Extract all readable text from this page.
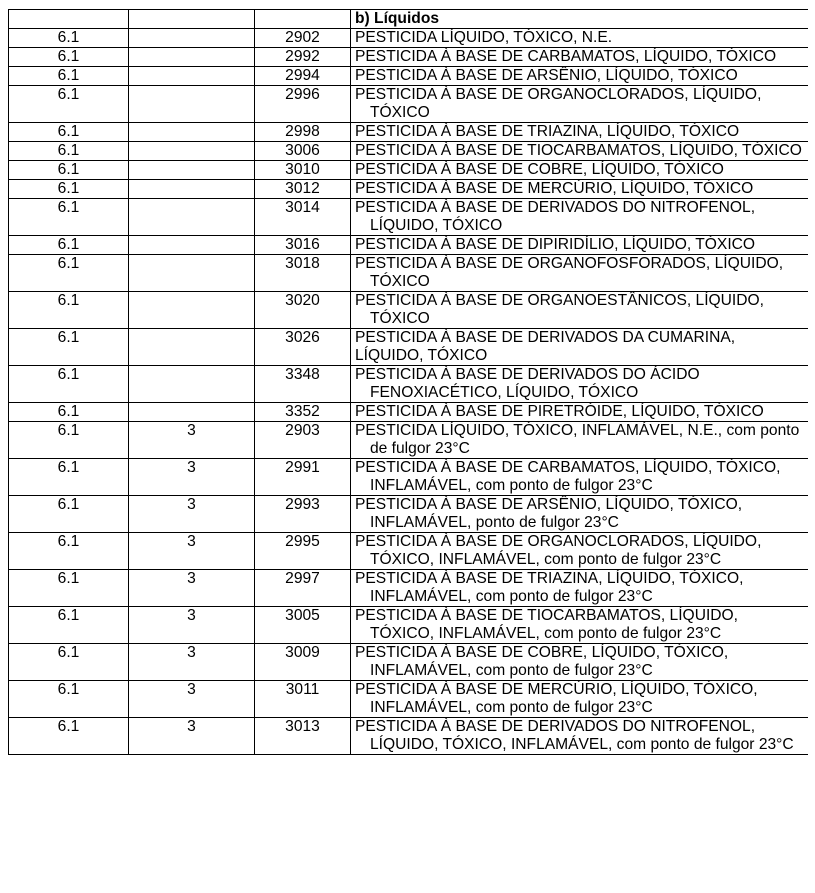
			b) Líquidos
6.1		2902	PESTICIDA LÍQUIDO, TÓXICO, N.E.

6.1		2992	PESTICIDA À BASE DE CARBAMATOS, LÍQUIDO, TÓXICO

6.1		2994	PESTICIDA À BASE DE ARSÊNIO, LÍQUIDO, TÓXICO

6.1		2996	PESTICIDA À BASE DE ORGANOCLORADOS, LÍQUIDO, TÓXICO

6.1		2998	PESTICIDA À BASE DE TRIAZINA, LÍQUIDO, TÓXICO

6.1		3006	PESTICIDA À BASE DE TIOCARBAMATOS, LÍQUIDO, TÓXICO

6.1		3010	PESTICIDA À BASE DE COBRE, LÍQUIDO, TÓXICO

6.1		3012	PESTICIDA À BASE DE MERCÚRIO, LÍQUIDO, TÓXICO

6.1		3014	PESTICIDA À BASE DE DERIVADOS DO NITROFENOL, LÍQUIDO, TÓXICO

6.1		3016	PESTICIDA À BASE DE DIPIRIDÍLIO, LÍQUIDO, TÓXICO

6.1		3018	PESTICIDA À BASE DE ORGANOFOSFORADOS, LÍQUIDO, TÓXICO

6.1		3020	PESTICIDA À BASE DE ORGANOESTÂNICOS, LÍQUIDO, TÓXICO

6.1		3026	PESTICIDA À BASE DE DERIVADOS DA CUMARINA, LÍQUIDO, TÓXICO

6.1		3348	PESTICIDA À BASE DE DERIVADOS DO ÁCIDO FENOXIACÉTICO, LÍQUIDO, TÓXICO

6.1		3352	PESTICIDA À BASE DE PIRETRÓIDE, LÍQUIDO, TÓXICO

6.1	3	2903	PESTICIDA LÍQUIDO, TÓXICO, INFLAMÁVEL, N.E., com ponto de fulgor 23°C

6.1	3	2991	PESTICIDA À BASE DE CARBAMATOS, LÍQUIDO, TÓXICO, INFLAMÁVEL, com ponto de fulgor 23°C

6.1	3	2993	PESTICIDA À BASE DE ARSÊNIO, LÍQUIDO, TÓXICO, INFLAMÁVEL, ponto de fulgor 23°C

6.1	3	2995	PESTICIDA À BASE DE ORGANOCLORADOS, LÍQUIDO, TÓXICO, INFLAMÁVEL, com ponto de fulgor 23°C

6.1	3	2997	PESTICIDA À BASE DE TRIAZINA, LÍQUIDO, TÓXICO, INFLAMÁVEL, com ponto de fulgor 23°C

6.1	3	3005	PESTICIDA À BASE DE TIOCARBAMATOS, LÍQUIDO, TÓXICO, INFLAMÁVEL, com ponto de fulgor 23°C

6.1	3	3009	PESTICIDA À BASE DE COBRE, LÍQUIDO, TÓXICO, INFLAMÁVEL, com ponto de fulgor 23°C

6.1	3	3011	PESTICIDA À BASE DE MERCÚRIO, LÍQUIDO, TÓXICO, INFLAMÁVEL, com ponto de fulgor 23°C

6.1	3	3013	PESTICIDA À BASE DE DERIVADOS DO NITROFENOL, LÍQUIDO, TÓXICO, INFLAMÁVEL, com ponto de fulgor 23°C
